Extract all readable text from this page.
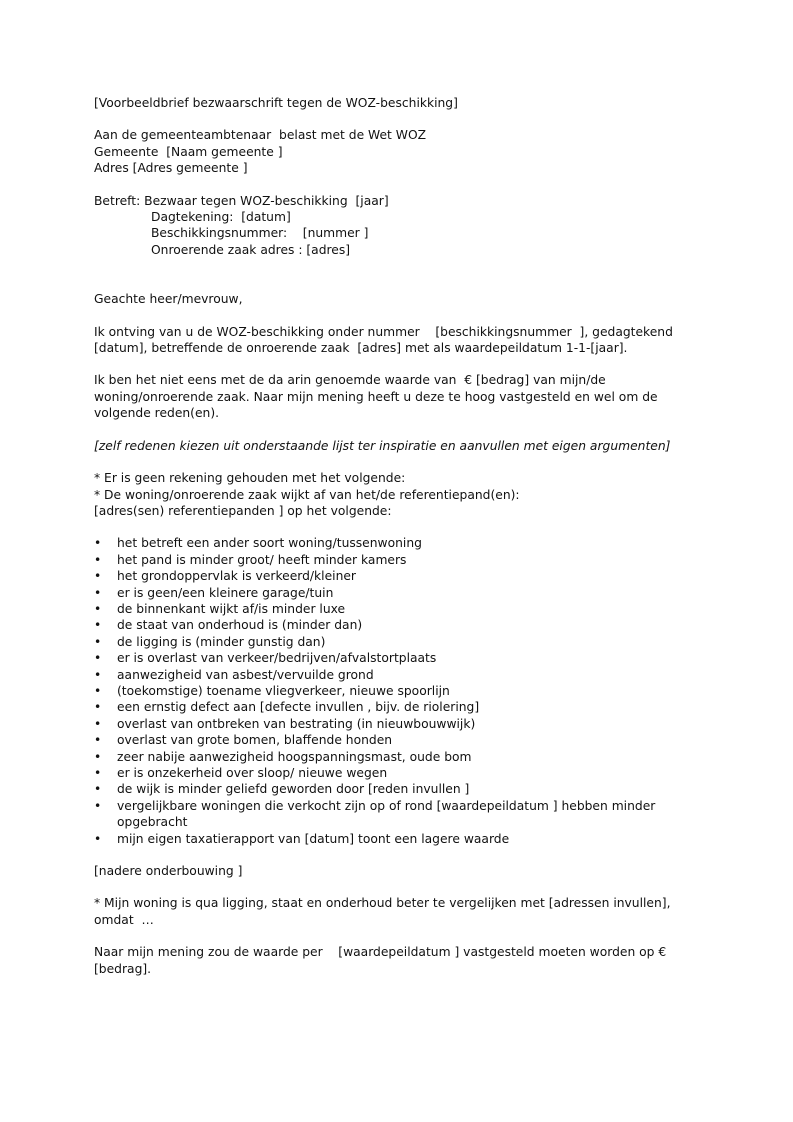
[Voorbeeldbrief bezwaarschrift tegen de WOZ-beschikking]

Aan de gemeenteambtenaar  belast met de Wet WOZ

Gemeente  [Naam gemeente ]

Adres [Adres gemeente ]

Betreft: Bezwaar tegen WOZ-beschikking  [jaar]

Dagtekening:  [datum]

Beschikkingsnummer:    [nummer ]

Onroerende zaak adres : [adres]

Geachte heer/mevrouw,

Ik ontving van u de WOZ-beschikking onder nummer    [beschikkingsnummer  ], gedagtekend  [datum], betreffende de onroerende zaak  [adres] met als waardepeildatum 1-1-[jaar].

Ik ben het niet eens met de da arin genoemde waarde van  € [bedrag] van mijn/de woning/onroerende zaak. Naar mijn mening heeft u deze te hoog vastgesteld en wel om de volgende reden(en).

[zelf redenen kiezen uit onderstaande lijst ter inspiratie en aanvullen met eigen argumenten]

* Er is geen rekening gehouden met het volgende:

* De woning/onroerende zaak wijkt af van het/de referentiepand(en):

[adres(sen) referentiepanden ] op het volgende:

• het betreft een ander soort woning/tussenwoning
• het pand is minder groot/ heeft minder kamers
• het grondoppervlak is verkeerd/kleiner
• er is geen/een kleinere garage/tuin
• de binnenkant wijkt af/is minder luxe
• de staat van onderhoud is (minder dan)
• de ligging is (minder gunstig dan)
• er is overlast van verkeer/bedrijven/afvalstortplaats
• aanwezigheid van asbest/vervuilde grond
• (toekomstige) toename vliegverkeer, nieuwe spoorlijn
• een ernstig defect aan [defecte invullen , bijv. de riolering]
• overlast van ontbreken van bestrating (in nieuwbouwwijk)
• overlast van grote bomen, blaffende honden
• zeer nabije aanwezigheid hoogspanningsmast, oude bom
• er is onzekerheid over sloop/ nieuwe wegen
• de wijk is minder geliefd geworden door [reden invullen ]
• vergelijkbare woningen die verkocht zijn op of rond [waardepeildatum ] hebben minder opgebracht
• mijn eigen taxatierapport van [datum] toont een lagere waarde

[nadere onderbouwing ]

* Mijn woning is qua ligging, staat en onderhoud beter te vergelijken met [adressen invullen], omdat  …

Naar mijn mening zou de waarde per    [waardepeildatum ] vastgesteld moeten worden op € [bedrag].
